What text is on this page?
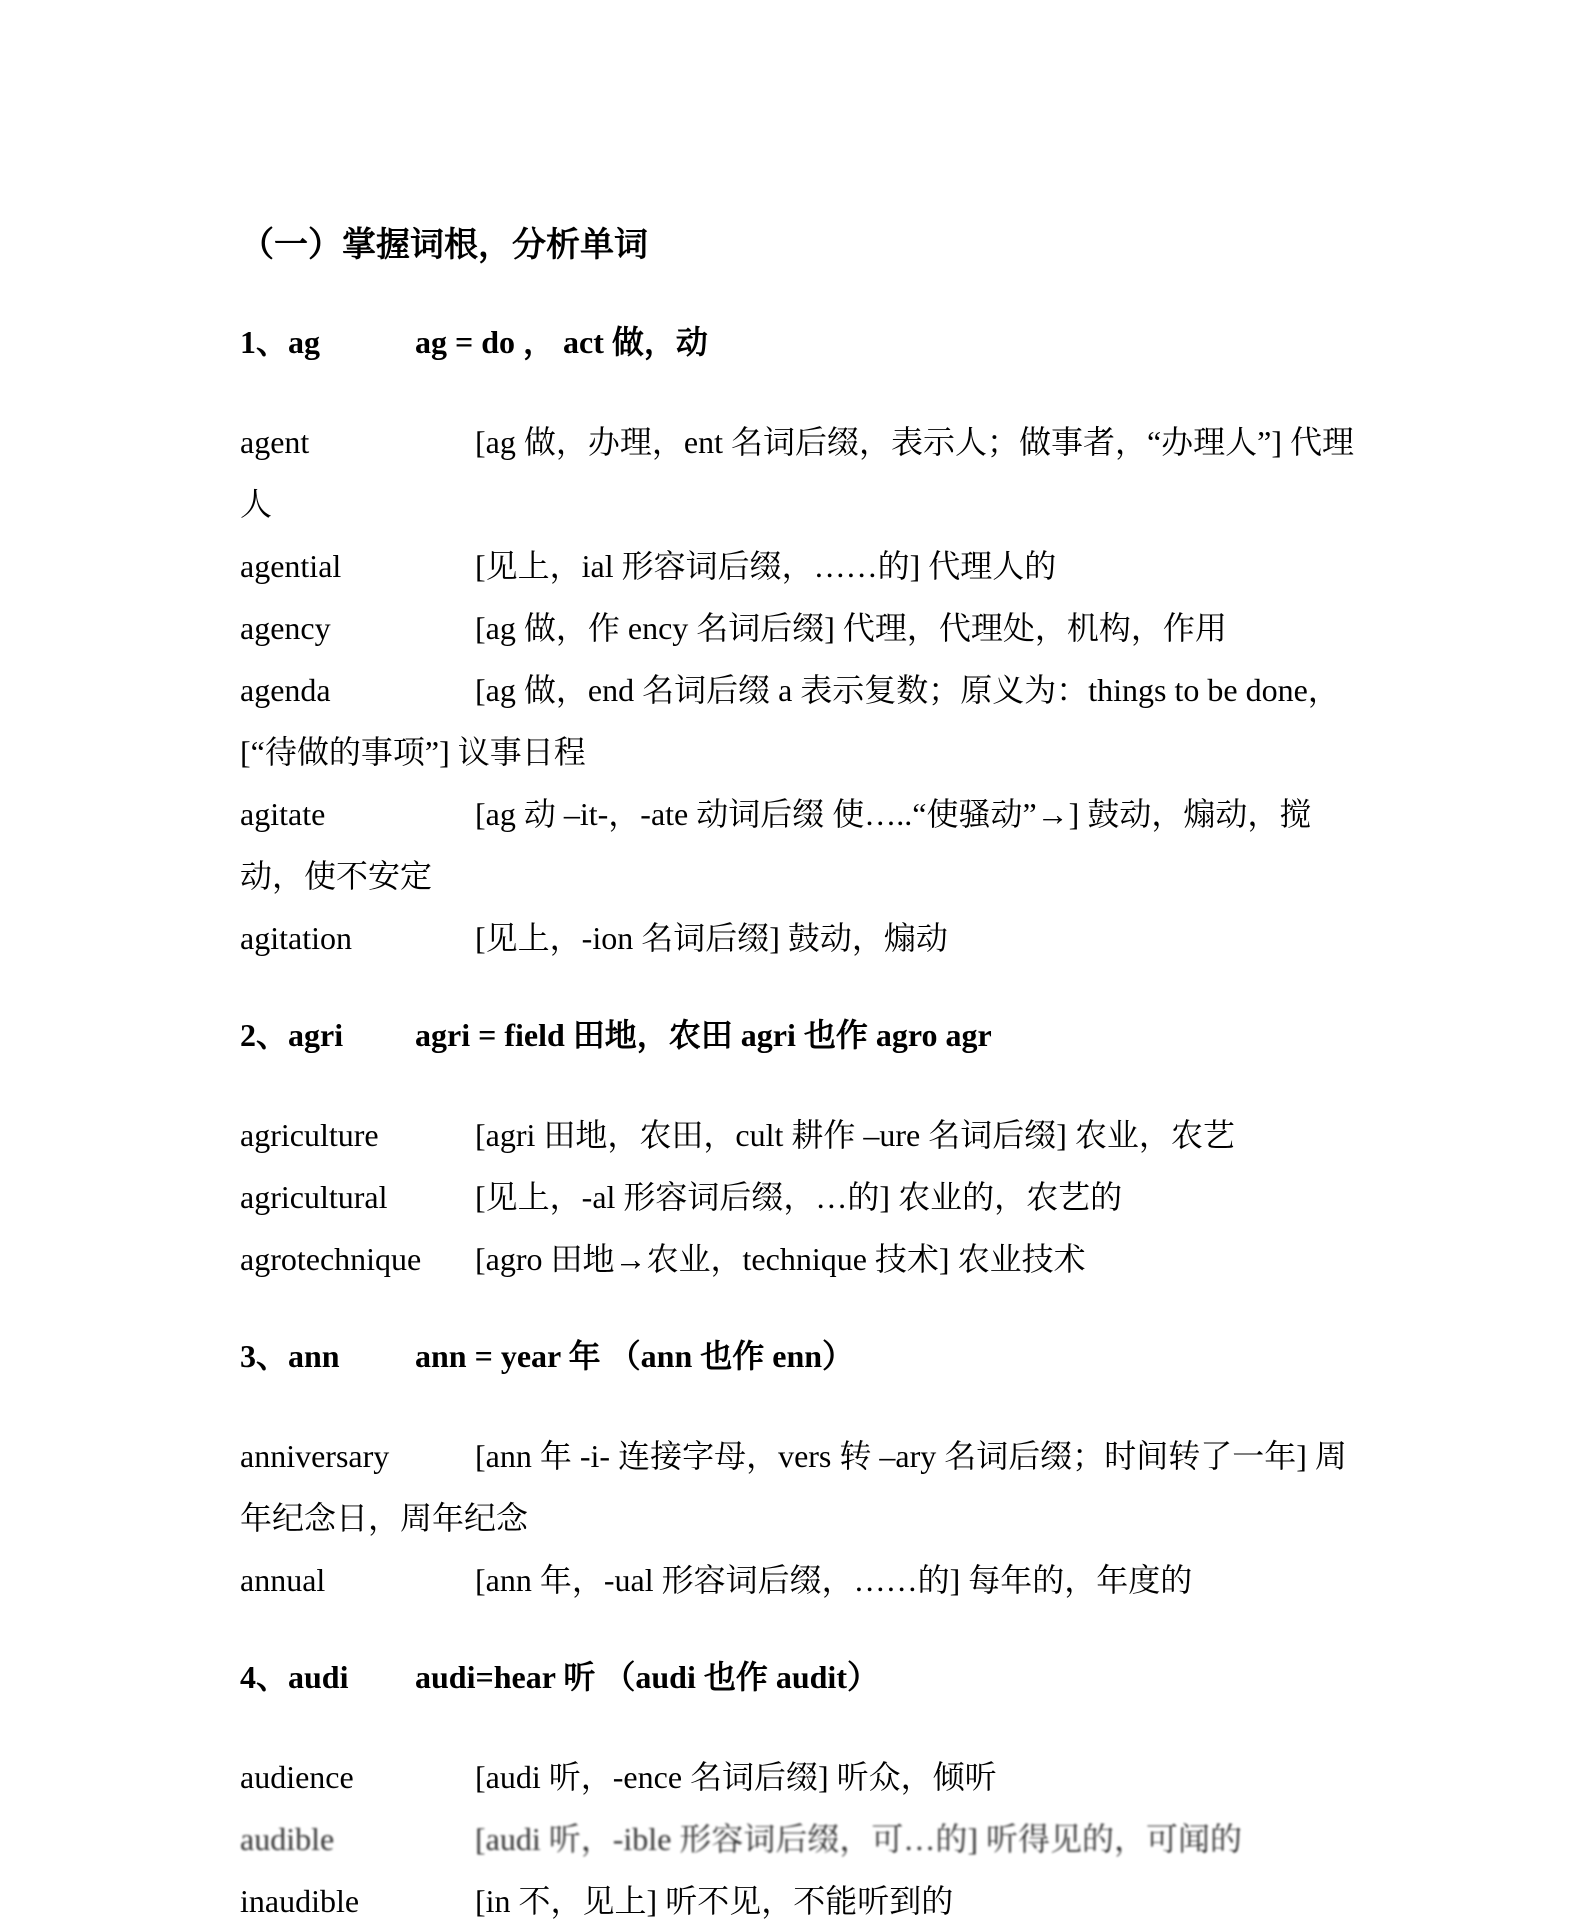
（一）掌握词根，分析单词
1、ag	ag = do ， act 做，动

agent	[ag 做，办理，ent 名词后缀，表示人；做事者，“办理人”] 代理人

agential	[见上，ial 形容词后缀，……的] 代理人的

agency	[ag 做，作 ency 名词后缀] 代理，代理处，机构，作用

agenda	[ag 做，end 名词后缀 a 表示复数；原义为：things to be done，[“待做的事项”] 议事日程

agitate	[ag 动 –it-，-ate 动词后缀 使…..“使骚动”→] 鼓动，煽动，搅动，使不安定

agitation	[见上，-ion 名词后缀] 鼓动，煽动

2、agri agri = field 田地，农田 agri 也作 agro agr

agriculture	[agri 田地，农田，cult 耕作 –ure 名词后缀] 农业，农艺

agricultural	[见上，-al 形容词后缀，…的] 农业的，农艺的

agrotechnique [agro 田地→农业，technique 技术] 农业技术

3、ann ann = year 年 （ann 也作 enn）

anniversary	[ann 年 -i- 连接字母，vers 转 –ary 名词后缀；时间转了一年] 周年纪念日，周年纪念

annual	[ann 年，-ual 形容词后缀，……的] 每年的，年度的

4、audi audi=hear 听 （audi 也作 audit）

audience	[audi 听，-ence 名词后缀] 听众，倾听

audible	[audi 听，-ible 形容词后缀，可…的] 听得见的，可闻的

inaudible	[in 不，见上] 听不见，不能听到的
